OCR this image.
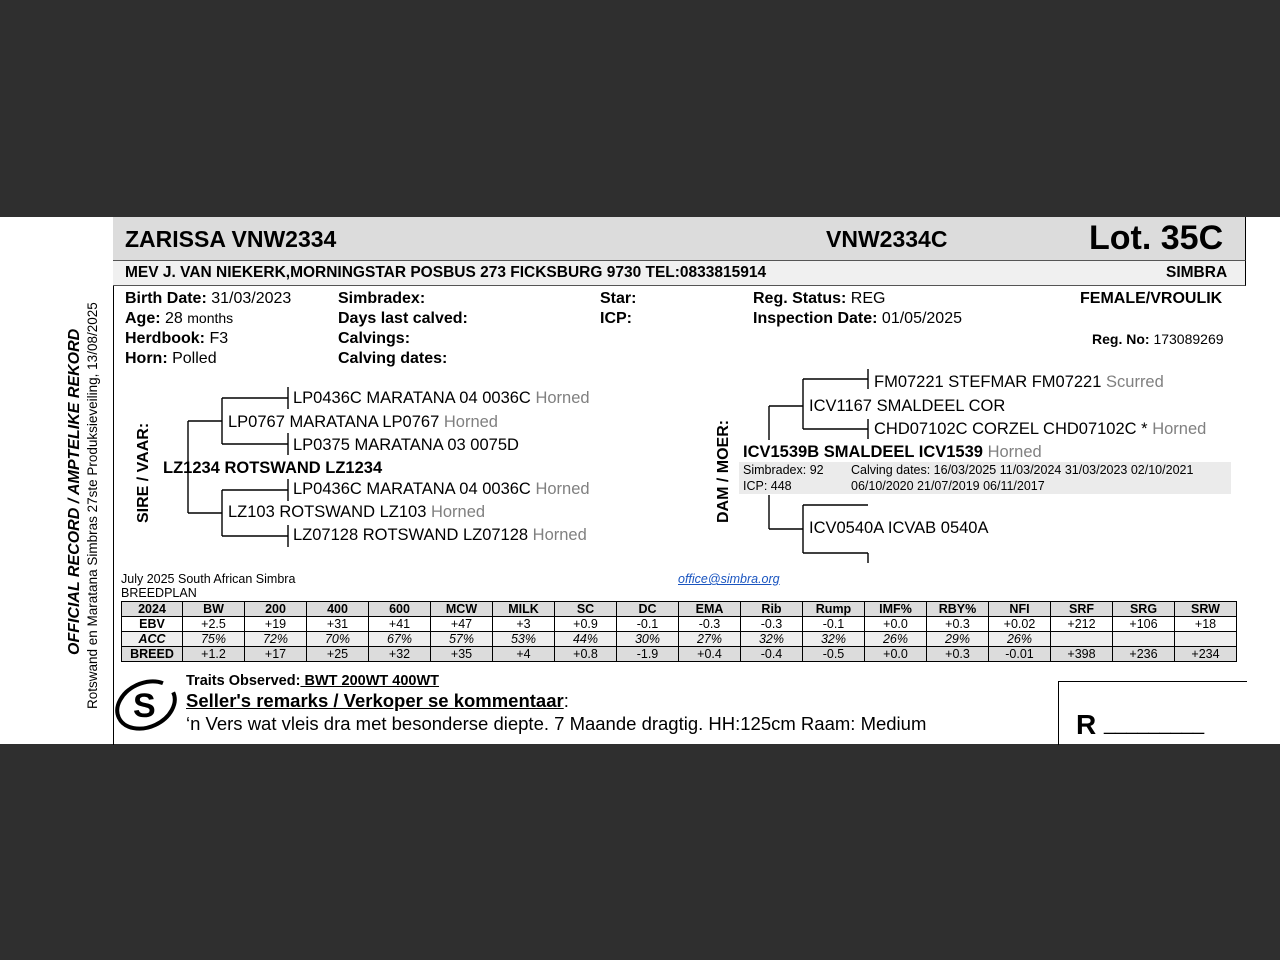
OFFICIAL RECORD / AMPTELIKE REKORD Rotswand en Maratana Simbras 27ste Produksieveiling, 13/08/2025
ZARISSA VNW2334	VNW2334C	Lot. 35C
MEV J. VAN NIEKERK,MORNINGSTAR POSBUS 273 FICKSBURG 9730 TEL:0833815914	SIMBRA
Birth Date: 31/03/2023
Age: 28 months
Herdbook: F3
Horn: Polled
Simbradex:
Days last calved:
Calvings:
Calving dates:
Star:
ICP:
Reg. Status: REG
Inspection Date: 01/05/2025
FEMALE/VROULIK
Reg. No: 173089269
SIRE / VAAR: LZ1234 ROTSWAND LZ1234
LP0436C MARATANA 04 0036C Horned
LP0767 MARATANA LP0767 Horned
LP0375 MARATANA 03 0075D
LP0436C MARATANA 04 0036C Horned
LZ103 ROTSWAND LZ103 Horned
LZ07128 ROTSWAND LZ07128 Horned
DAM / MOER:
FM07221 STEFMAR FM07221 Scurred
ICV1167 SMALDEEL COR
CHD07102C CORZEL CHD07102C * Horned
ICV1539B SMALDEEL ICV1539 Horned
Simbradex: 92
ICP: 448
Calving dates: 16/03/2025 11/03/2024 31/03/2023 02/10/2021
06/10/2020 21/07/2019 06/11/2017
ICV0540A ICVAB 0540A
July 2025 South African Simbra
BREEDPLAN
office@simbra.org
2024	BW	200	400	600	MCW	MILK	SC	DC	EMA	Rib	Rump	IMF%	RBY%	NFI	SRF	SRG	SRW
EBV	+2.5	+19	+31	+41	+47	+3	+0.9	-0.1	-0.3	-0.3	-0.1	+0.0	+0.3	+0.02	+212	+106	+18
ACC	75%	72%	70%	67%	57%	53%	44%	30%	27%	32%	32%	26%	29%	26%			
BREED	+1.2	+17	+25	+32	+35	+4	+0.8	-1.9	+0.4	-0.4	-0.5	+0.0	+0.3	-0.01	+398	+236	+234
S
Traits Observed: BWT 200WT 400WT
Seller's remarks / Verkoper se kommentaar:
‘n Vers wat vleis dra met besonderse diepte. 7 Maande dragtig. HH:125cm Raam: Medium	R _________
